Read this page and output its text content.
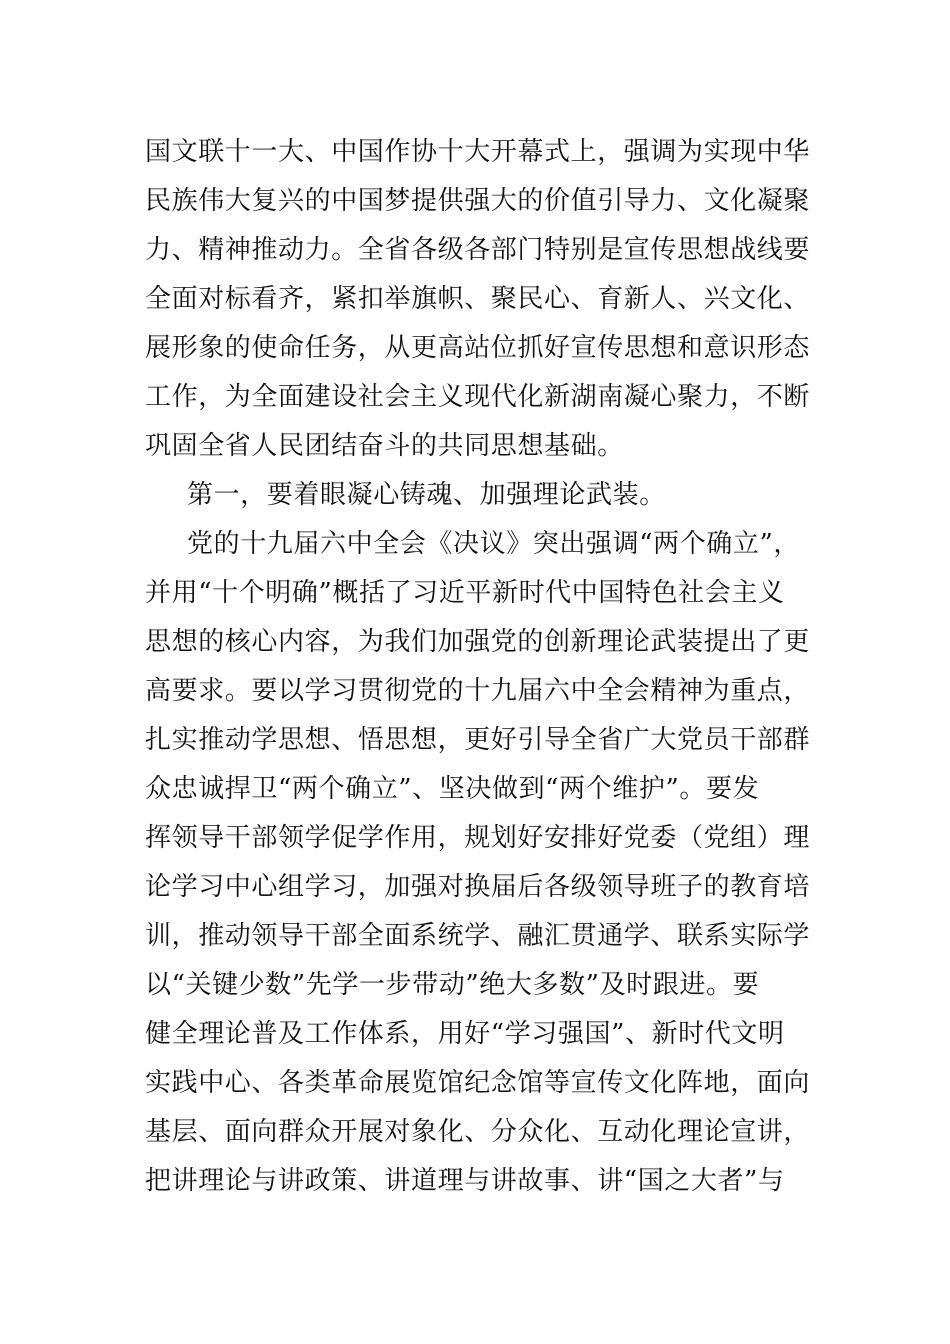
国文联十一大、中国作协十大开幕式上，强调为实现中华
民族伟大复兴的中国梦提供强大的价值引导力、文化凝聚
力、精神推动力。全省各级各部门特别是宣传思想战线要
全面对标看齐，紧扣举旗帜、聚民心、育新人、兴文化、
展形象的使命任务，从更高站位抓好宣传思想和意识形态
工作，为全面建设社会主义现代化新湖南凝心聚力，不断
巩固全省人民团结奋斗的共同思想基础。
第一，要着眼凝心铸魂、加强理论武装。
党的十九届六中全会《决议》突出强调“两个确立”，
并用“十个明确”概括了习近平新时代中国特色社会主义
思想的核心内容，为我们加强党的创新理论武装提出了更
高要求。要以学习贯彻党的十九届六中全会精神为重点，
扎实推动学思想、悟思想，更好引导全省广大党员干部群
众忠诚捍卫“两个确立”、坚决做到“两个维护”。要发
挥领导干部领学促学作用，规划好安排好党委（党组）理
论学习中心组学习，加强对换届后各级领导班子的教育培
训，推动领导干部全面系统学、融汇贯通学、联系实际学
以“关键少数”先学一步带动”绝大多数”及时跟进。要
健全理论普及工作体系，用好“学习强国”、新时代文明
实践中心、各类革命展览馆纪念馆等宣传文化阵地，面向
基层、面向群众开展对象化、分众化、互动化理论宣讲，
把讲理论与讲政策、讲道理与讲故事、讲“国之大者”与
